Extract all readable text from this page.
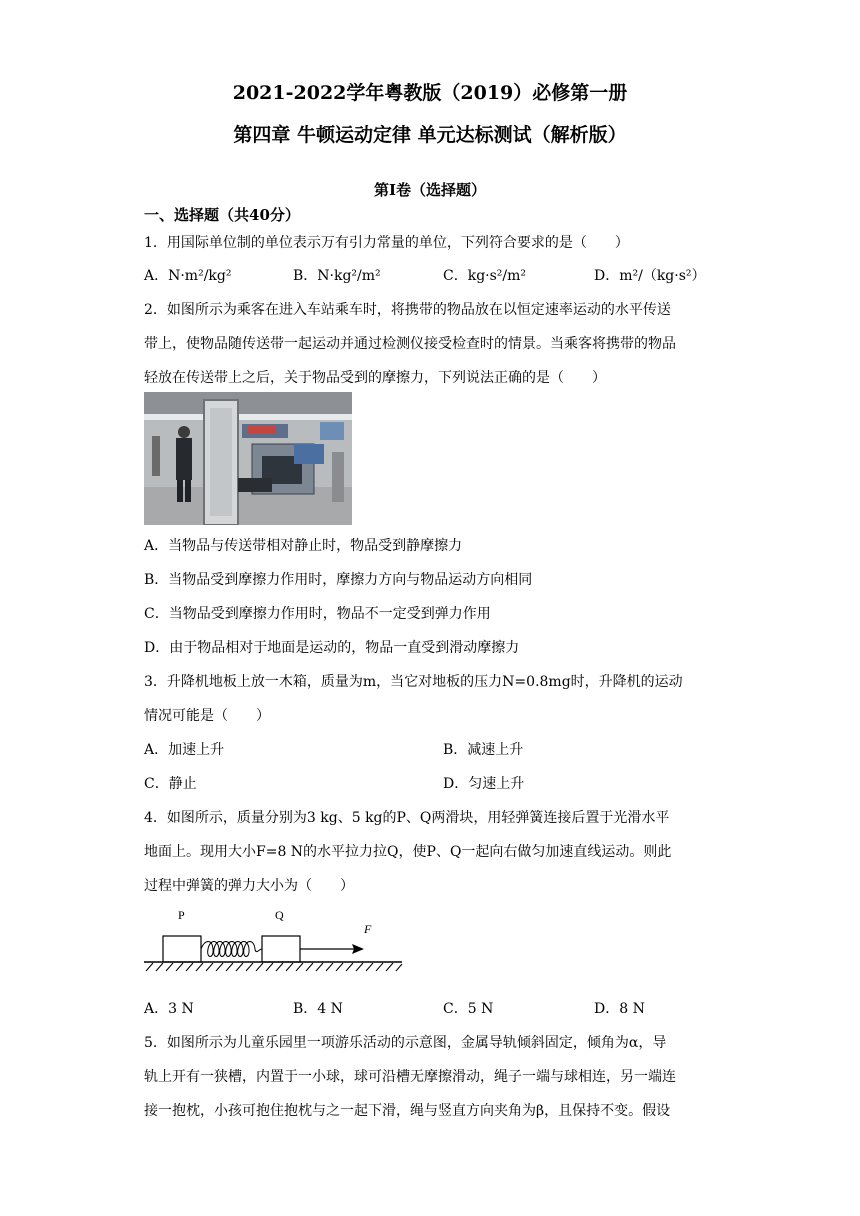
2021-2022学年粤教版（2019）必修第一册
第四章 牛顿运动定律 单元达标测试（解析版）
第Ⅰ卷（选择题）
一、选择题（共40分）
1．用国际单位制的单位表示万有引力常量的单位，下列符合要求的是（　　）
A．N·m²/kg²	B．N·kg²/m²	C．kg·s²/m²	D．m²/（kg·s²）
2．如图所示为乘客在进入车站乘车时，将携带的物品放在以恒定速率运动的水平传送
带上，使物品随传送带一起运动并通过检测仪接受检查时的情景。当乘客将携带的物品
轻放在传送带上之后，关于物品受到的摩擦力，下列说法正确的是（　　）
A．当物品与传送带相对静止时，物品受到静摩擦力
B．当物品受到摩擦力作用时，摩擦力方向与物品运动方向相同
C．当物品受到摩擦力作用时，物品不一定受到弹力作用
D．由于物品相对于地面是运动的，物品一直受到滑动摩擦力
3．升降机地板上放一木箱，质量为m，当它对地板的压力N=0.8mg时，升降机的运动
情况可能是（　　）
A．加速上升	B．减速上升
C．静止	D．匀速上升
4．如图所示，质量分别为3 kg、5 kg的P、Q两滑块，用轻弹簧连接后置于光滑水平
地面上。现用大小F=8 N的水平拉力拉Q，使P、Q一起向右做匀加速直线运动。则此
过程中弹簧的弹力大小为（　　）
P	Q
F
A．3 N	B．4 N	C．5 N	D．8 N
5．如图所示为儿童乐园里一项游乐活动的示意图，金属导轨倾斜固定，倾角为α，导
轨上开有一狭槽，内置于一小球，球可沿槽无摩擦滑动，绳子一端与球相连，另一端连
接一抱枕，小孩可抱住抱枕与之一起下滑，绳与竖直方向夹角为β，且保持不变。假设
